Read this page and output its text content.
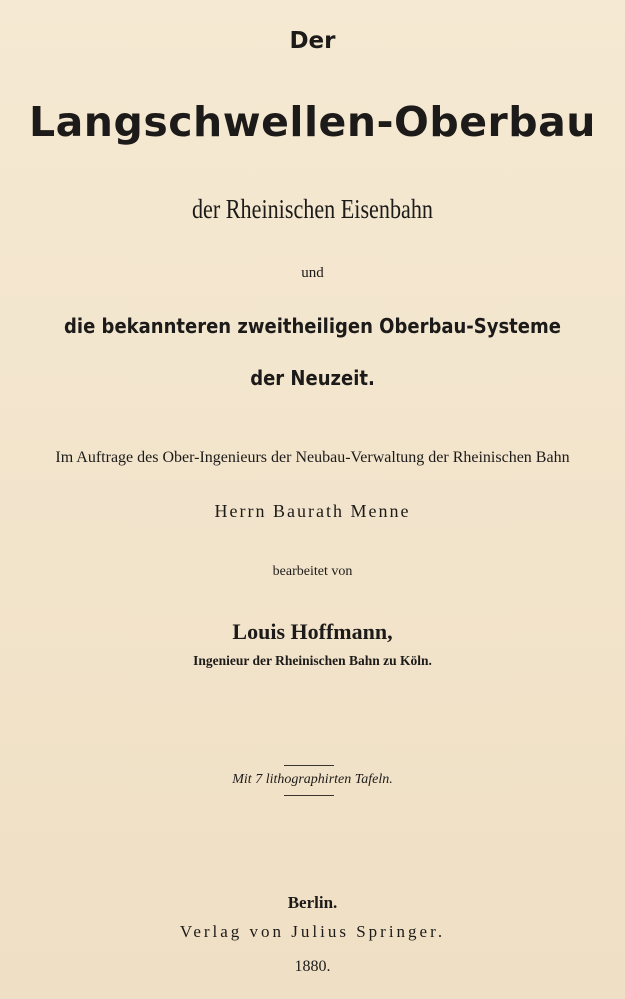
Der
Langschwellen-Oberbau
der Rheinischen Eisenbahn
und
die bekannteren zweitheiligen Oberbau-Systeme
der Neuzeit.
Im Auftrage des Ober-Ingenieurs der Neubau-Verwaltung der Rheinischen Bahn
Herrn Baurath Menne
bearbeitet von
Louis Hoffmann,
Ingenieur der Rheinischen Bahn zu Köln.
Mit 7 lithographirten Tafeln.
Berlin.
Verlag von Julius Springer.
1880.
